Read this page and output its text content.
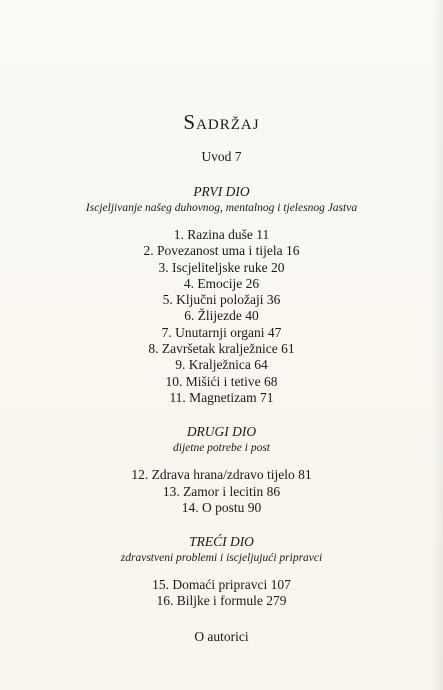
Sadržaj
Uvod 7
PRVI DIO
Iscjeljivanje našeg duhovnog, mentalnog i tjelesnog Jastva
1. Razina duše 11
2. Povezanost uma i tijela 16
3. Iscjeliteljske ruke 20
4. Emocije 26
5. Ključni položaji 36
6. Žlijezde 40
7. Unutarnji organi 47
8. Završetak kralježnice 61
9. Kralježnica 64
10. Mišići i tetive 68
11. Magnetizam 71
DRUGI DIO
dijetne potrebe i post
12. Zdrava hrana/zdravo tijelo 81
13. Zamor i lecitin 86
14. O postu 90
TREĆI DIO
zdravstveni problemi i iscjeljujući pripravci
15. Domaći pripravci 107
16. Biljke i formule 279
O autorici
